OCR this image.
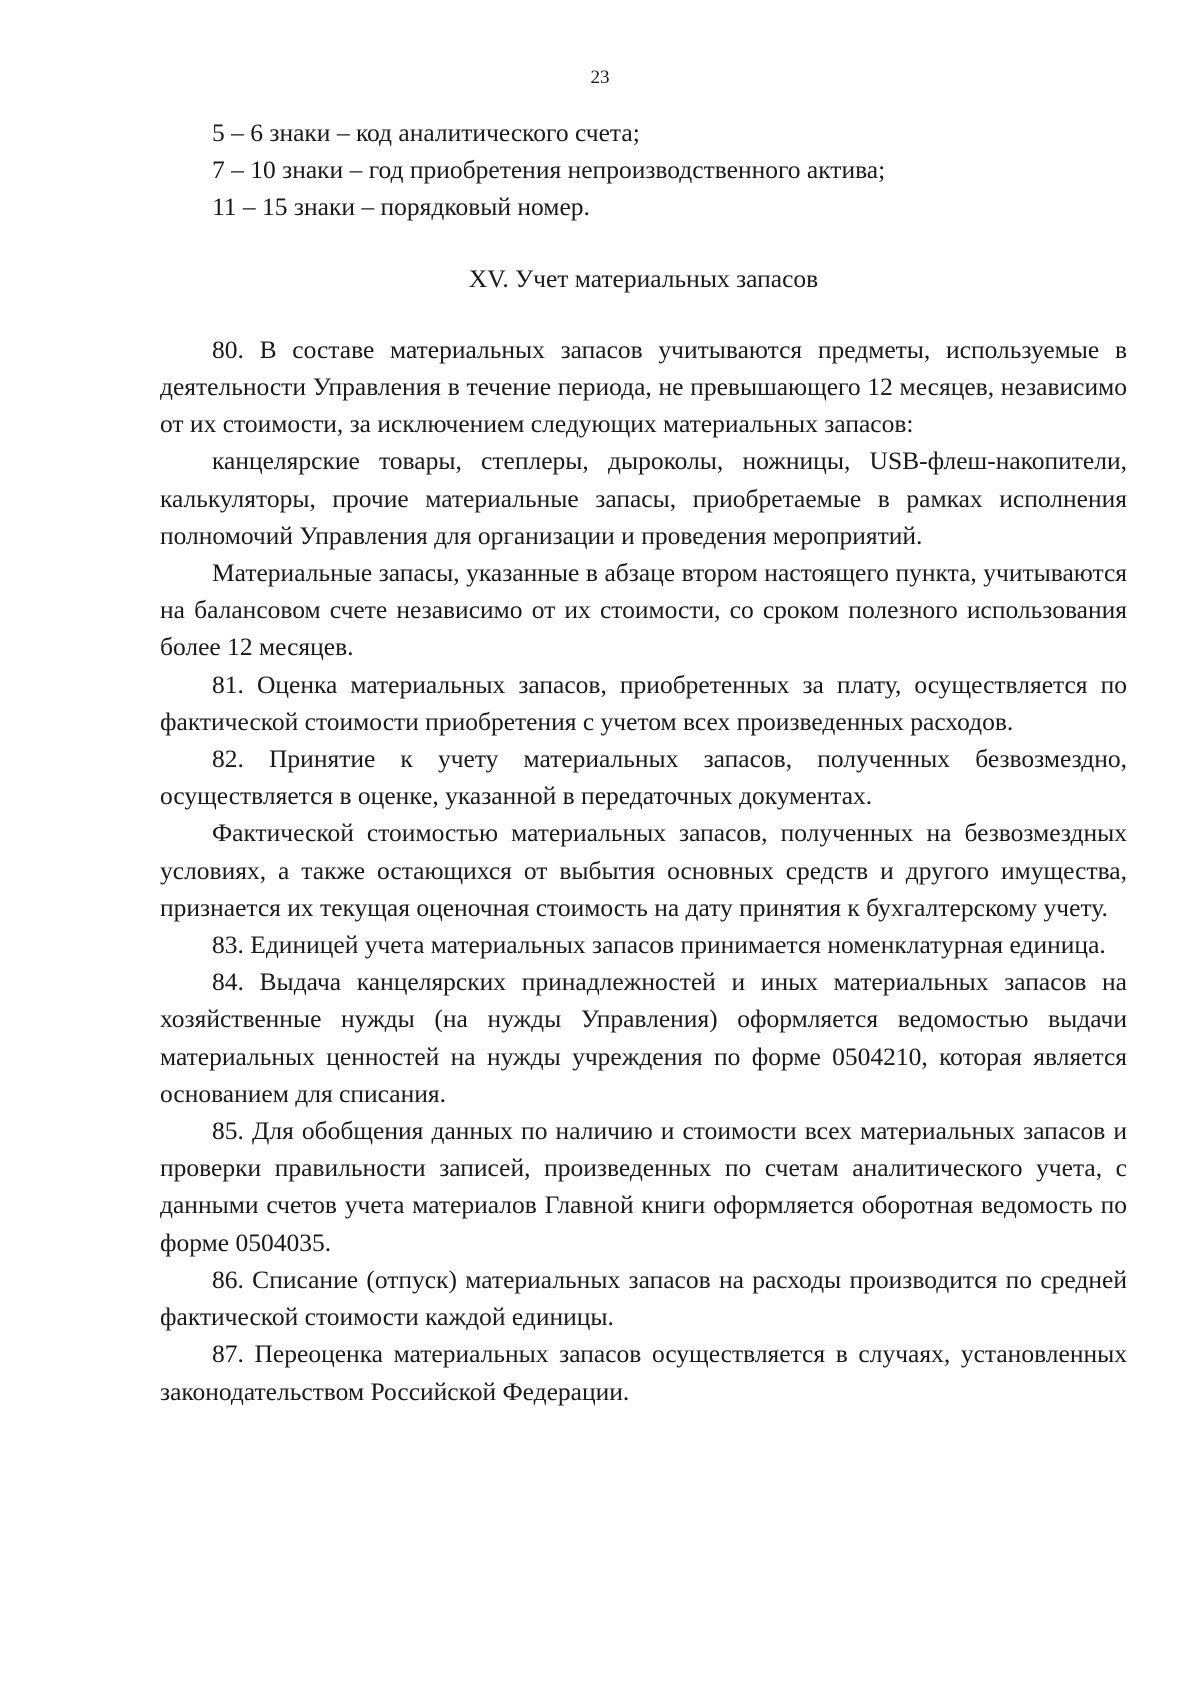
23

5 – 6 знаки – код аналитического счета;

7 – 10 знаки – год приобретения непроизводственного актива;

11 – 15 знаки – порядковый номер.

XV. Учет материальных запасов

80. В составе материальных запасов учитываются предметы, используемые в деятельности Управления в течение периода, не превышающего 12 месяцев, независимо от их стоимости, за исключением следующих материальных запасов:

канцелярские товары, степлеры, дыроколы, ножницы, USB-флеш-накопители, калькуляторы, прочие материальные запасы, приобретаемые в рамках исполнения полномочий Управления для организации и проведения мероприятий.

Материальные запасы, указанные в абзаце втором настоящего пункта, учитываются на балансовом счете независимо от их стоимости, со сроком полезного использования более 12 месяцев.

81. Оценка материальных запасов, приобретенных за плату, осуществляется по фактической стоимости приобретения с учетом всех произведенных расходов.

82. Принятие к учету материальных запасов, полученных безвозмездно, осуществляется в оценке, указанной в передаточных документах.

Фактической стоимостью материальных запасов, полученных на безвозмездных условиях, а также остающихся от выбытия основных средств и другого имущества, признается их текущая оценочная стоимость на дату принятия к бухгалтерскому учету.

83. Единицей учета материальных запасов принимается номенклатурная единица.

84. Выдача канцелярских принадлежностей и иных материальных запасов на хозяйственные нужды (на нужды Управления) оформляется ведомостью выдачи материальных ценностей на нужды учреждения по форме 0504210, которая является основанием для списания.

85. Для обобщения данных по наличию и стоимости всех материальных запасов и проверки правильности записей, произведенных по счетам аналитического учета, с данными счетов учета материалов Главной книги оформляется оборотная ведомость по форме 0504035.

86. Списание (отпуск) материальных запасов на расходы производится по средней фактической стоимости каждой единицы.

87. Переоценка материальных запасов осуществляется в случаях, установленных законодательством Российской Федерации.
